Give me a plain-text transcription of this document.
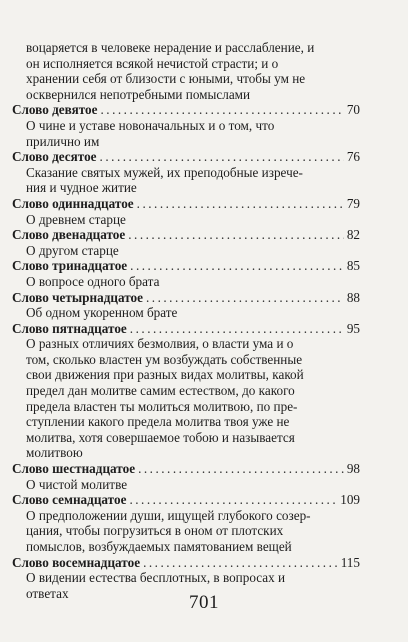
воцаряется в человеке нерадение и расслабление, и
он исполняется всякой нечистой страсти; и о
хранении себя от близости с юными, чтобы ум не
осквернился непотребными помыслами
Слово девятое .....	70
О чине и уставе новоначальных и о том, что
прилично им
Слово десятое .....	76
Сказание святых мужей, их преподобные изрече-
ния и чудное житие
Слово одиннадцатое .....	79
О древнем старце
Слово двенадцатое .....	82
О другом старце
Слово тринадцатое .....	85
О вопросе одного брата
Слово четырнадцатое .....	88
Об одном укоренном брате
Слово пятнадцатое .....	95
О разных отличиях безмолвия, о власти ума и о
том, сколько властен ум возбуждать собственные
свои движения при разных видах молитвы, какой
предел дан молитве самим естеством, до какого
предела властен ты молиться молитвою, по пре-
ступлении какого предела молитва твоя уже не
молитва, хотя совершаемое тобою и называется
молитвою
Слово шестнадцатое .....	98
О чистой молитве
Слово семнадцатое .....	109
О предположении души, ищущей глубокого созер-
цания, чтобы погрузиться в оном от плотских
помыслов, возбуждаемых памятованием вещей
Слово восемнадцатое .....	115
О видении естества бесплотных, в вопросах и
ответах	701
